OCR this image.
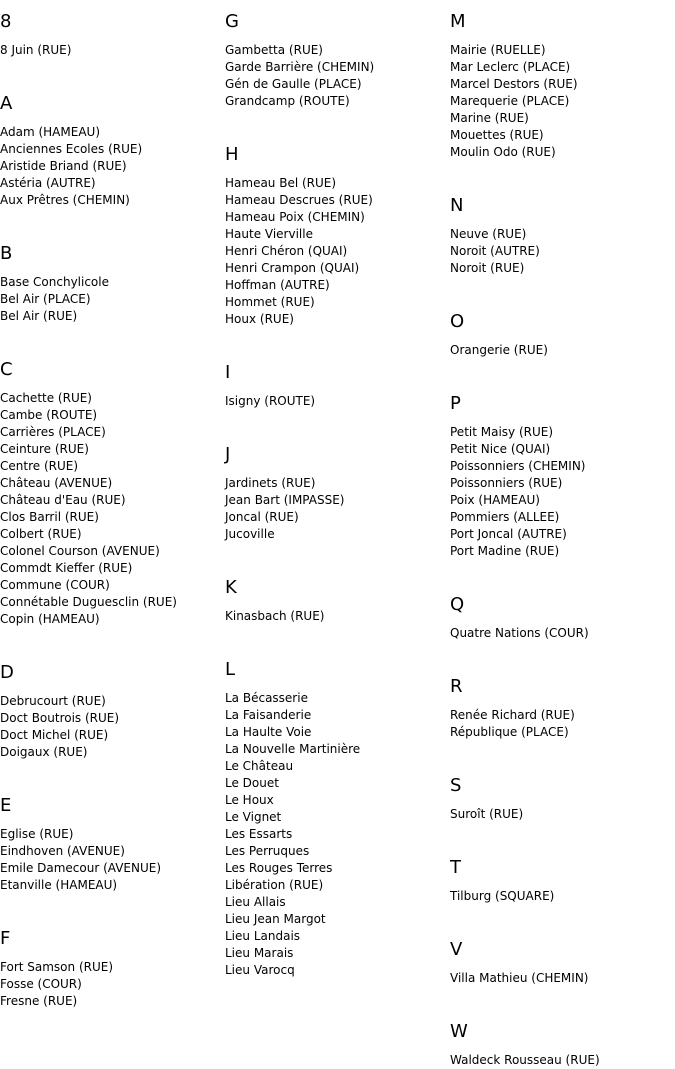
8
8 Juin (RUE)
A
Adam (HAMEAU)
Anciennes Ecoles (RUE)
Aristide Briand (RUE)
Astéria (AUTRE)
Aux Prêtres (CHEMIN)
B
Base Conchylicole
Bel Air (PLACE)
Bel Air (RUE)
C
Cachette (RUE)
Cambe (ROUTE)
Carrières (PLACE)
Ceinture (RUE)
Centre (RUE)
Château (AVENUE)
Château d'Eau (RUE)
Clos Barril (RUE)
Colbert (RUE)
Colonel Courson (AVENUE)
Commdt Kieffer (RUE)
Commune (COUR)
Connétable Duguesclin (RUE)
Copin (HAMEAU)
D
Debrucourt (RUE)
Doct Boutrois (RUE)
Doct Michel (RUE)
Doigaux (RUE)
E
Eglise (RUE)
Eindhoven (AVENUE)
Emile Damecour (AVENUE)
Etanville (HAMEAU)
F
Fort Samson (RUE)
Fosse (COUR)
Fresne (RUE)
G
Gambetta (RUE)
Garde Barrière (CHEMIN)
Gén de Gaulle (PLACE)
Grandcamp (ROUTE)
H
Hameau Bel (RUE)
Hameau Descrues (RUE)
Hameau Poix (CHEMIN)
Haute Vierville
Henri Chéron (QUAI)
Henri Crampon (QUAI)
Hoffman (AUTRE)
Hommet (RUE)
Houx (RUE)
I
Isigny (ROUTE)
J
Jardinets (RUE)
Jean Bart (IMPASSE)
Joncal (RUE)
Jucoville
K
Kinasbach (RUE)
L
La Bécasserie
La Faisanderie
La Haulte Voie
La Nouvelle Martinière
Le Château
Le Douet
Le Houx
Le Vignet
Les Essarts
Les Perruques
Les Rouges Terres
Libération (RUE)
Lieu Allais
Lieu Jean Margot
Lieu Landais
Lieu Marais
Lieu Varocq
M
Mairie (RUELLE)
Mar Leclerc (PLACE)
Marcel Destors (RUE)
Marequerie (PLACE)
Marine (RUE)
Mouettes (RUE)
Moulin Odo (RUE)
N
Neuve (RUE)
Noroit (AUTRE)
Noroit (RUE)
O
Orangerie (RUE)
P
Petit Maisy (RUE)
Petit Nice (QUAI)
Poissonniers (CHEMIN)
Poissonniers (RUE)
Poix (HAMEAU)
Pommiers (ALLEE)
Port Joncal (AUTRE)
Port Madine (RUE)
Q
Quatre Nations (COUR)
R
Renée Richard (RUE)
République (PLACE)
S
Suroît (RUE)
T
Tilburg (SQUARE)
V
Villa Mathieu (CHEMIN)
W
Waldeck Rousseau (RUE)
